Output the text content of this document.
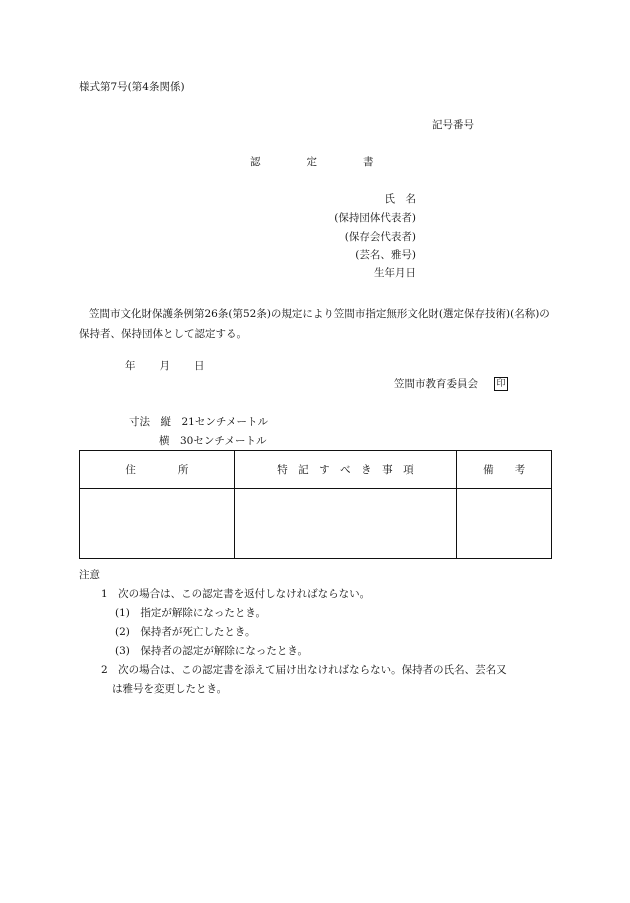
様式第7号(第4条関係)
記号番号
認	定	書
氏　名
(保持団体代表者)
(保存会代表者)
(芸名、雅号)
生年月日
笠間市文化財保護条例第26条(第52条)の規定により笠間市指定無形文化財(選定保存技術)(名称)の保持者、保持団体として認定する。
年 月 日
笠間市教育委員会 印
寸法　縦　21センチメートル
横　30センチメートル
住　　　　所	特　記　す　べ　き　事　項	備　　考

注意
1　次の場合は、この認定書を返付しなければならない。
(1)　指定が解除になったとき。
(2)　保持者が死亡したとき。
(3)　保持者の認定が解除になったとき。
2　次の場合は、この認定書を添えて届け出なければならない。保持者の氏名、芸名又
は雅号を変更したとき。
